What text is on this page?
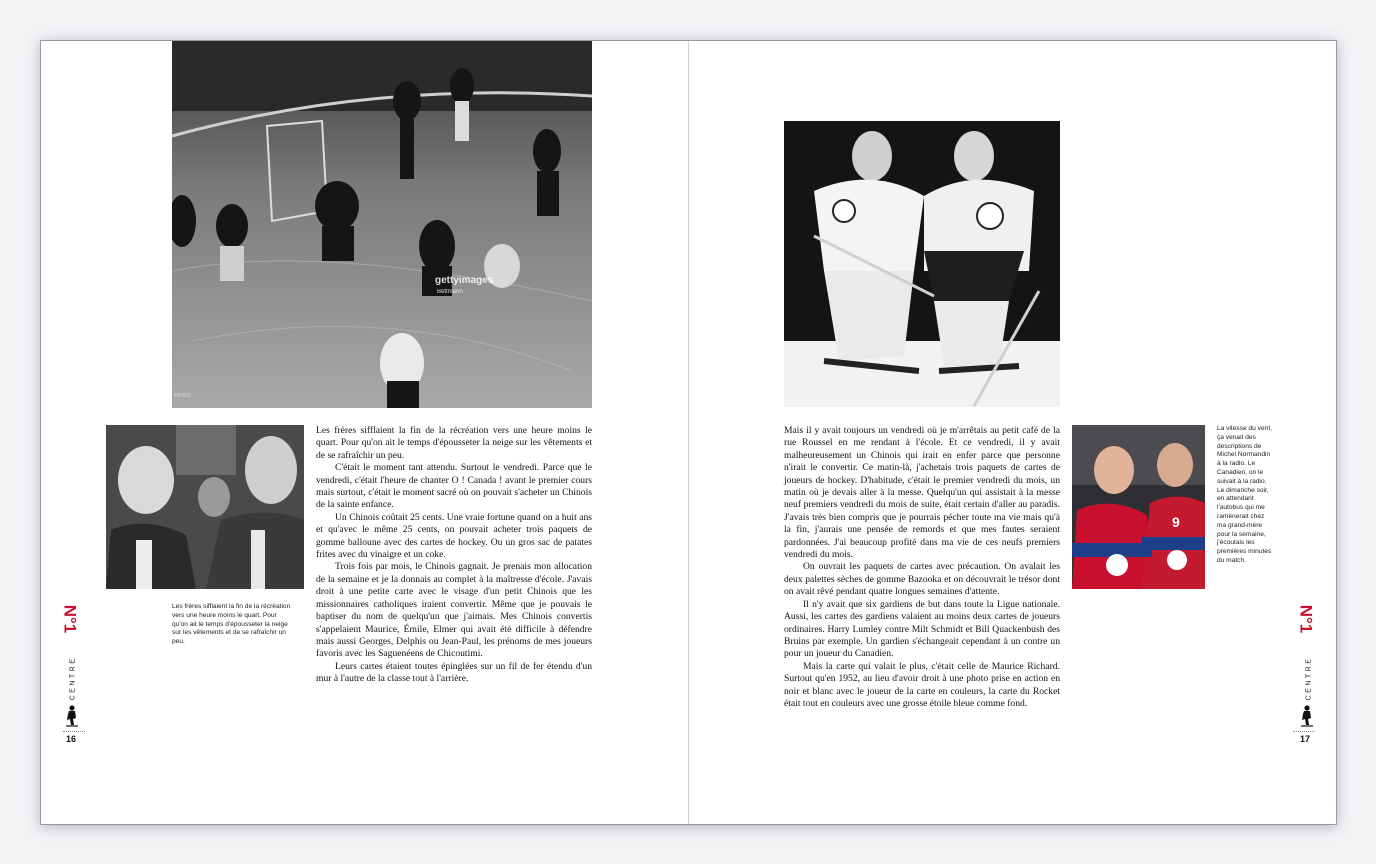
gettyimages
Bettmann
497816
Les frères sifflaient la fin de la récréation vers une heure moins le quart. Pour qu'on ait le temps d'épousseter la neige sur les vêtements et de se rafraîchir un peu.

Les frères sifflaient la fin de la récréation vers une heure moins le quart. Pour qu'on ait le temps d'épousseter la neige sur les vêtements et de se rafraîchir un peu.

C'était le moment tant attendu. Surtout le vendredi. Parce que le vendredi, c'était l'heure de chanter O ! Canada ! avant le premier cours mais surtout, c'était le moment sacré où on pouvait s'acheter un Chinois de la sainte enfance.

Un Chinois coûtait 25 cents. Une vraie fortune quand on a huit ans et qu'avec le même 25 cents, on pouvait acheter trois paquets de gomme balloune avec des cartes de hockey. Ou un gros sac de patates frites avec du vinaigre et un coke.

Trois fois par mois, le Chinois gagnait. Je prenais mon allocation de la semaine et je la donnais au complet à la maîtresse d'école. J'avais droit à une petite carte avec le visage d'un petit Chinois que les missionnaires catholiques iraient convertir. Même que je pouvais le baptiser du nom de quelqu'un que j'aimais. Mes Chinois convertis s'appelaient Maurice, Émile, Elmer qui avait été difficile à défendre mais aussi Georges, Delphis ou Jean-Paul, les prénoms de mes joueurs favoris avec les Saguenéens de Chicoutimi.

Leurs cartes étaient toutes épinglées sur un fil de fer étendu d'un mur à l'autre de la classe tout à l'arrière.

N°1
CENTRE
16

Mais il y avait toujours un vendredi où je m'arrêtais au petit café de la rue Roussel en me rendant à l'école. Et ce vendredi, il y avait malheureusement un Chinois qui irait en enfer parce que personne n'irait le convertir. Ce matin-là, j'achetais trois paquets de cartes de joueurs de hockey. D'habitude, c'était le premier vendredi du mois, un matin où je devais aller à la messe. Quelqu'un qui assistait à la messe neuf premiers vendredi du mois de suite, était certain d'aller au paradis. J'avais très bien compris que je pourrais pécher toute ma vie mais qu'à la fin, j'aurais une pensée de remords et que mes fautes seraient pardonnées. J'ai beaucoup profité dans ma vie de ces neufs premiers vendredi du mois.

On ouvrait les paquets de cartes avec précaution. On avalait les deux palettes sèches de gomme Bazooka et on découvrait le trésor dont on avait rêvé pendant quatre longues semaines d'attente.

Il n'y avait que six gardiens de but dans toute la Ligue nationale. Aussi, les cartes des gardiens valaient au moins deux cartes de joueurs ordinaires. Harry Lumley contre Milt Schmidt et Bill Quackenbush des Bruins par exemple. Un gardien s'échangeait cependant à un contre un pour un joueur du Canadien.

Mais la carte qui valait le plus, c'était celle de Maurice Richard. Surtout qu'en 1952, au lieu d'avoir droit à une photo prise en action en noir et blanc avec le joueur de la carte en couleurs, la carte du Rocket était tout en couleurs avec une grosse étoile bleue comme fond.

9
La vitesse du vent, ça venait des descriptions de Michel Normandin à la radio. Le Canadien, on le suivait à la radio. Le dimanche soir, en attendant l'autobus qui me ramènerait chez ma grand-mère pour la semaine, j'écoutais les premières minutes du match.
N°1
CENTRE
17
